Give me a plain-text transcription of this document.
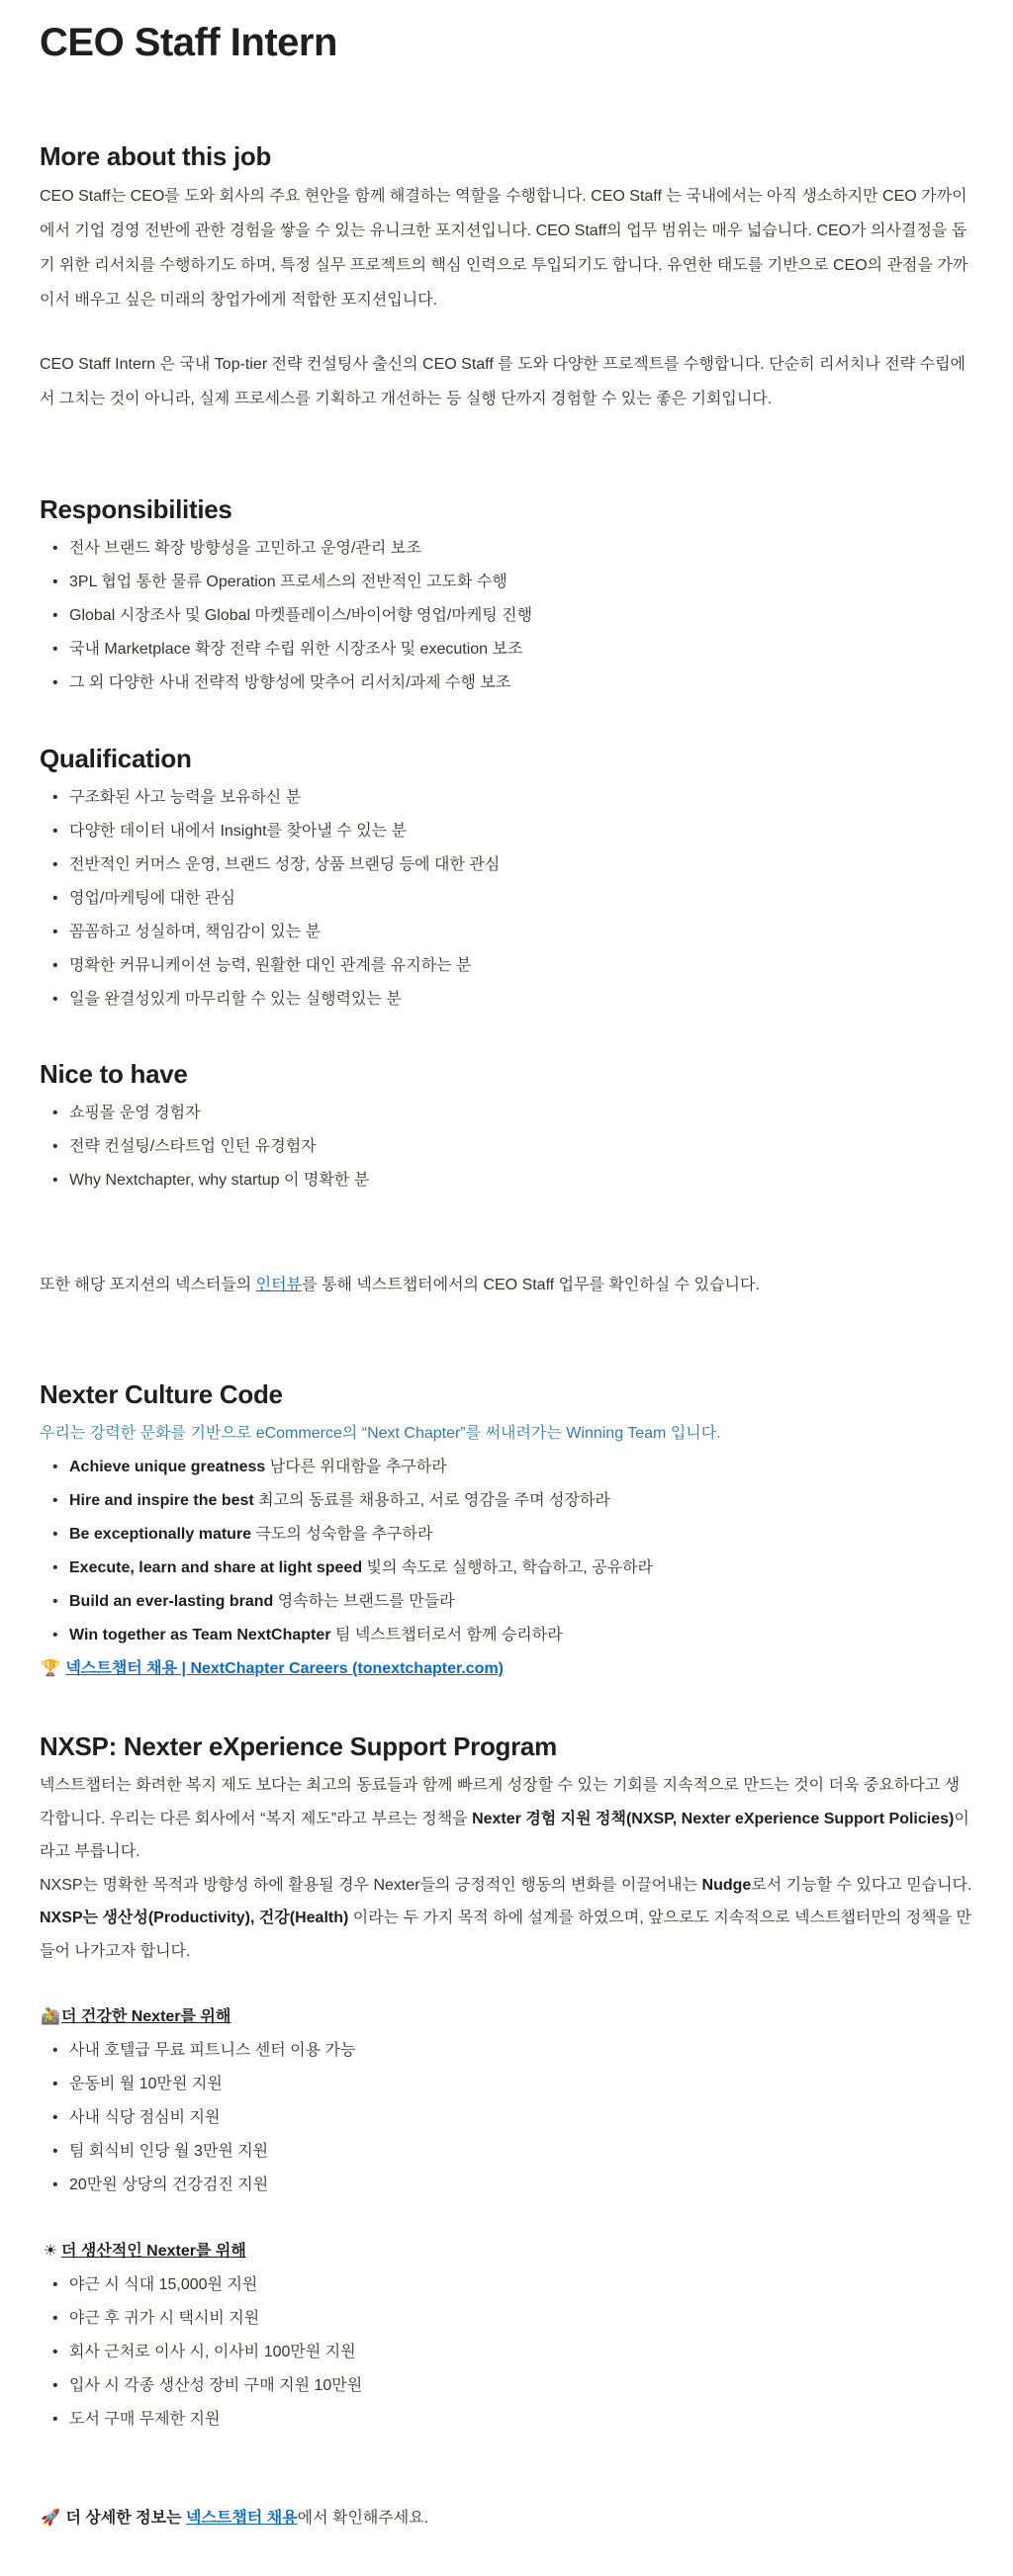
CEO Staff Intern
More about this job

CEO Staff는 CEO를 도와 회사의 주요 현안을 함께 해결하는 역할을 수행합니다. CEO Staff 는 국내에서는 아직 생소하지만 CEO 가까이에서 기업 경영 전반에 관한 경험을 쌓을 수 있는 유니크한 포지션입니다. CEO Staff의 업무 범위는 매우 넓습니다. CEO가 의사결정을 돕기 위한 리서치를 수행하기도 하며, 특정 실무 프로젝트의 핵심 인력으로 투입되기도 합니다. 유연한 태도를 기반으로 CEO의 관점을 가까이서 배우고 싶은 미래의 창업가에게 적합한 포지션입니다.

CEO Staff Intern 은 국내 Top-tier 전략 컨설팅사 출신의 CEO Staff 를 도와 다양한 프로젝트를 수행합니다. 단순히 리서치나 전략 수립에서 그치는 것이 아니라, 실제 프로세스를 기획하고 개선하는 등 실행 단까지 경험할 수 있는 좋은 기회입니다.

Responsibilities
• 전사 브랜드 확장 방향성을 고민하고 운영/관리 보조
• 3PL 협업 통한 물류 Operation 프로세스의 전반적인 고도화 수행
• Global 시장조사 및 Global 마켓플레이스/바이어향 영업/마케팅 진행
• 국내 Marketplace 확장 전략 수립 위한 시장조사 및 execution 보조
• 그 외 다양한 사내 전략적 방향성에 맞추어 리서치/과제 수행 보조
Qualification
• 구조화된 사고 능력을 보유하신 분
• 다양한 데이터 내에서 Insight를 찾아낼 수 있는 분
• 전반적인 커머스 운영, 브랜드 성장, 상품 브랜딩 등에 대한 관심
• 영업/마케팅에 대한 관심
• 꼼꼼하고 성실하며, 책임감이 있는 분
• 명확한 커뮤니케이션 능력, 원활한 대인 관계를 유지하는 분
• 일을 완결성있게 마무리할 수 있는 실행력있는 분
Nice to have
• 쇼핑몰 운영 경험자
• 전략 컨설팅/스타트업 인턴 유경험자
• Why Nextchapter, why startup 이 명확한 분

또한 해당 포지션의 넥스터들의 인터뷰를 통해 넥스트챕터에서의 CEO Staff 업무를 확인하실 수 있습니다.

Nexter Culture Code

우리는 강력한 문화를 기반으로 eCommerce의 “Next Chapter”를 써내려가는 Winning Team 입니다.

• Achieve unique greatness 남다른 위대함을 추구하라
• Hire and inspire the best 최고의 동료를 채용하고, 서로 영감을 주며 성장하라
• Be exceptionally mature 극도의 성숙함을 추구하라
• Execute, learn and share at light speed 빛의 속도로 실행하고, 학습하고, 공유하라
• Build an ever-lasting brand 영속하는 브랜드를 만들라
• Win together as Team NextChapter 팀 넥스트챕터로서 함께 승리하라

🏆 넥스트챕터 채용 | NextChapter Careers (tonextchapter.com)

NXSP: Nexter eXperience Support Program

넥스트챕터는 화려한 복지 제도 보다는 최고의 동료들과 함께 빠르게 성장할 수 있는 기회를 지속적으로 만드는 것이 더욱 중요하다고 생각합니다. 우리는 다른 회사에서 “복지 제도”라고 부르는 정책을 Nexter 경험 지원 정책(NXSP, Nexter eXperience Support Policies)이라고 부릅니다.

NXSP는 명확한 목적과 방향성 하에 활용될 경우 Nexter들의 긍정적인 행동의 변화를 이끌어내는 Nudge로서 기능할 수 있다고 믿습니다. NXSP는 생산성(Productivity), 건강(Health) 이라는 두 가지 목적 하에 설계를 하였으며, 앞으로도 지속적으로 넥스트챕터만의 정책을 만들어 나가고자 합니다.

🚵더 건강한 Nexter를 위해
• 사내 호텔급 무료 피트니스 센터 이용 가능
• 운동비 월 10만원 지원
• 사내 식당 점심비 지원
• 팀 회식비 인당 월 3만원 지원
• 20만원 상당의 건강검진 지원
☀ 더 생산적인 Nexter를 위해
• 야근 시 식대 15,000원 지원
• 야근 후 귀가 시 택시비 지원
• 회사 근처로 이사 시, 이사비 100만원 지원
• 입사 시 각종 생산성 장비 구매 지원 10만원
• 도서 구매 무제한 지원

🚀 더 상세한 정보는 넥스트챕터 채용에서 확인해주세요.
